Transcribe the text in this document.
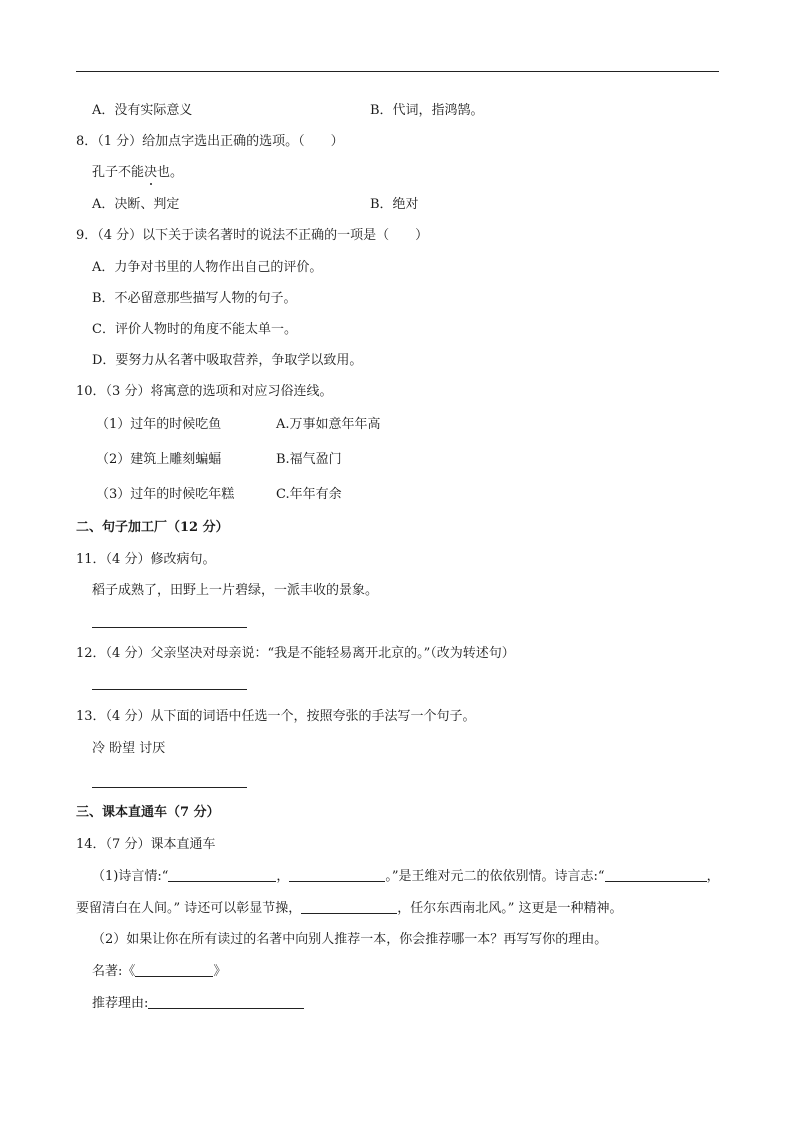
A．没有实际意义	B．代词，指鸿鹄。
8．（1 分）给加点字选出正确的选项。（　　）
孔子不能决也。
A．决断、判定	B．绝对
9．（4 分）以下关于读名著时的说法不正确的一项是（　　）
A．力争对书里的人物作出自己的评价。
B．不必留意那些描写人物的句子。
C．评价人物时的角度不能太单一。
D．要努力从名著中吸取营养，争取学以致用。
10．（3 分）将寓意的选项和对应习俗连线。
（1）过年的时候吃鱼	A.万事如意年年高
（2）建筑上雕刻蝙蝠	B.福气盈门
（3）过年的时候吃年糕	C.年年有余
二、句子加工厂（12 分）
11．（4 分）修改病句。
稻子成熟了，田野上一片碧绿，一派丰收的景象。
12．（4 分）父亲坚决对母亲说：“我是不能轻易离开北京的。”（改为转述句）
13．（4 分）从下面的词语中任选一个，按照夸张的手法写一个句子。
冷 盼望 讨厌
三、课本直通车（7 分）
14．（7 分）课本直通车
（1)诗言情:“	，	。”是王维对元二的依依别情。诗言志:“	，
要留清白在人间。” 诗还可以彰显节操，	，任尔东西南北风。” 这更是一种精神。
（2）如果让你在所有读过的名著中向别人推荐一本，你会推荐哪一本？再写写你的理由。
名著:《	》
推荐理由:
